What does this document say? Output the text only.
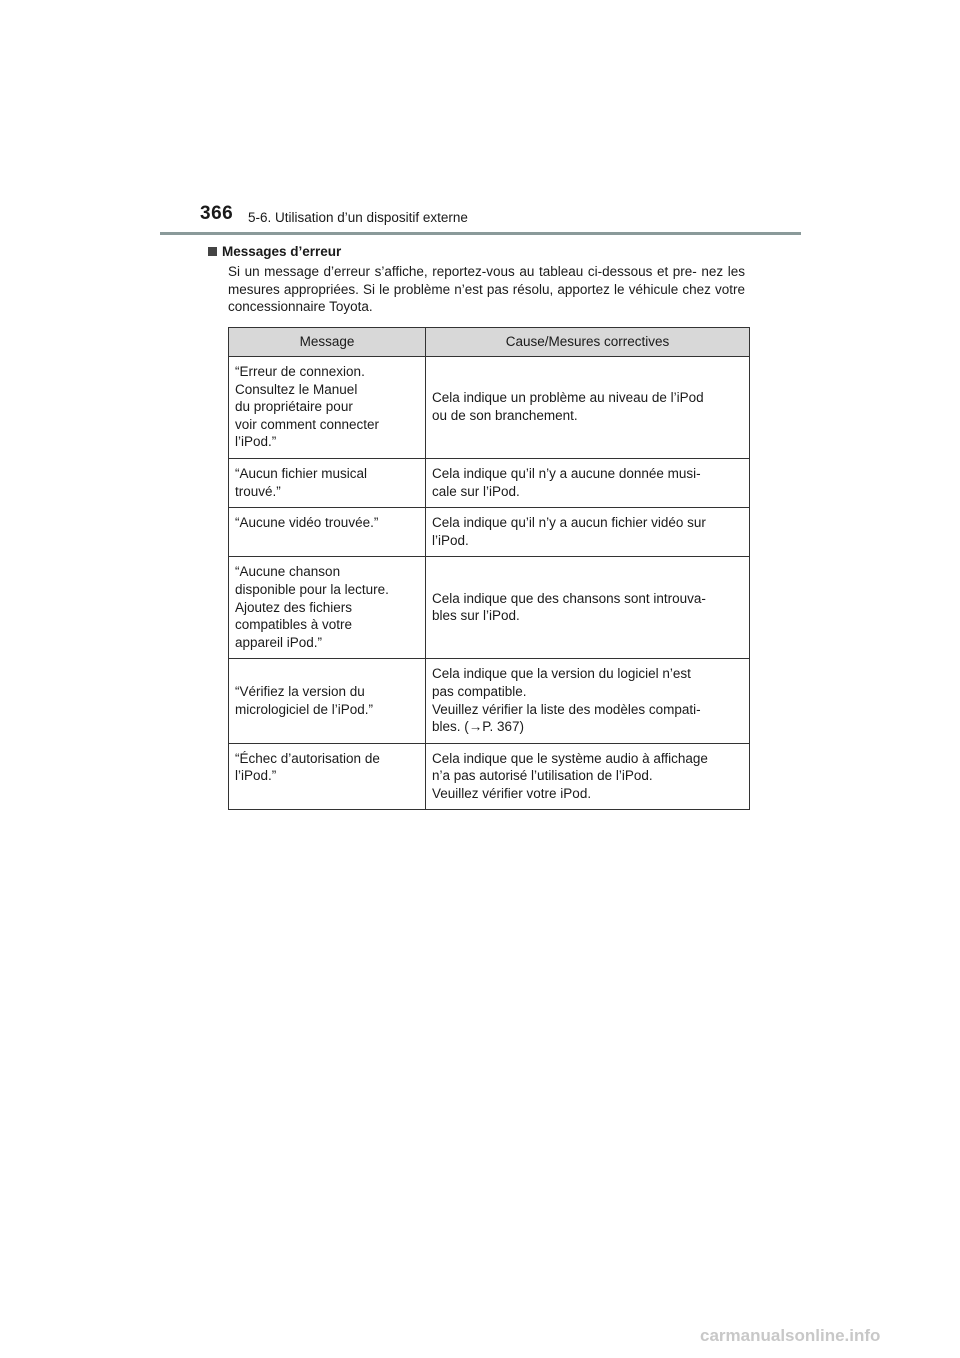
366 5-6. Utilisation d’un dispositif externe
Messages d’erreur
Si un message d’erreur s’affiche, reportez-vous au tableau ci-dessous et pre- nez les mesures appropriées. Si le problème n’est pas résolu, apportez le véhicule chez votre concessionnaire Toyota.
Message	Cause/Mesures correctives

“Erreur de connexion.
Consultez le Manuel
du propriétaire pour
voir comment connecter
l’iPod.”	Cela indique un problème au niveau de l’iPod
ou de son branchement.

“Aucun fichier musical
trouvé.”	Cela indique qu’il n’y a aucune donnée musi-
cale sur l’iPod.

“Aucune vidéo trouvée.”	Cela indique qu’il n’y a aucun fichier vidéo sur
l’iPod.

“Aucune chanson
disponible pour la lecture.
Ajoutez des fichiers
compatibles à votre
appareil iPod.”	Cela indique que des chansons sont introuva-
bles sur l’iPod.

“Vérifiez la version du
micrologiciel de l’iPod.”	Cela indique que la version du logiciel n’est
pas compatible.
Veuillez vérifier la liste des modèles compati-
bles. (→P. 367)

“Échec d’autorisation de
l’iPod.”	Cela indique que le système audio à affichage
n’a pas autorisé l’utilisation de l’iPod.
Veuillez vérifier votre iPod.
carmanualsonline.info
